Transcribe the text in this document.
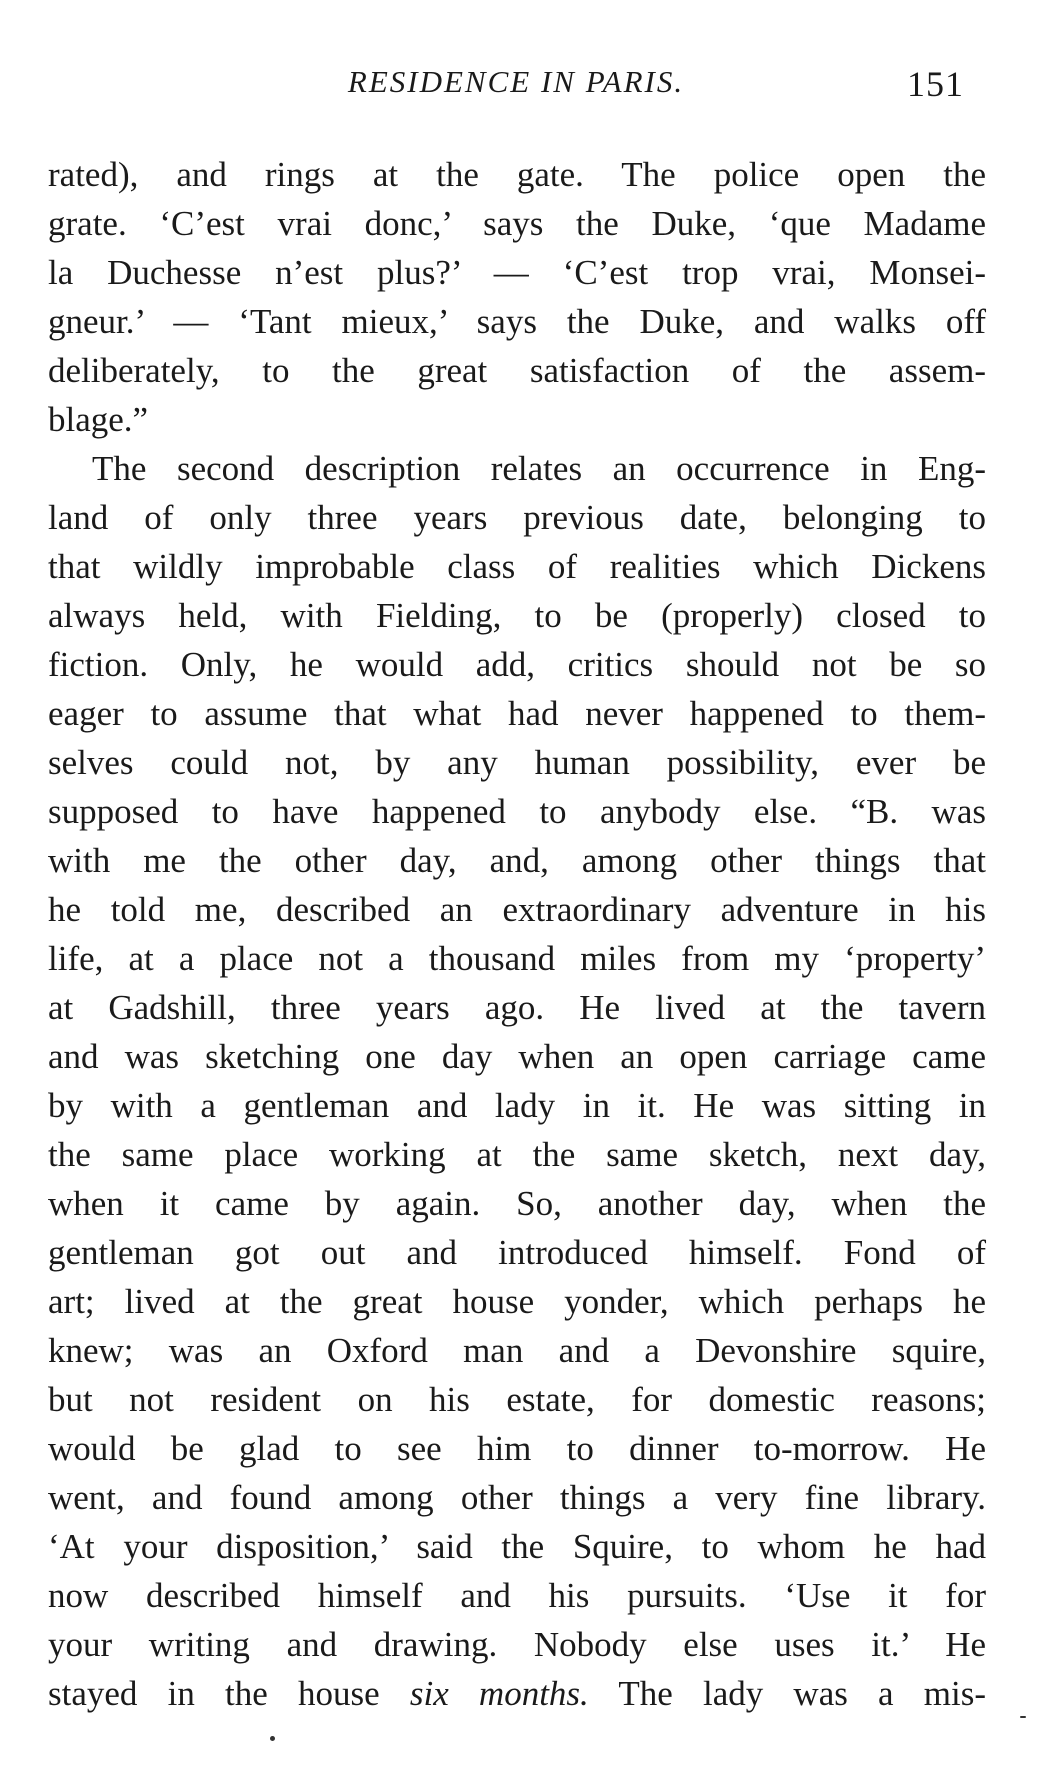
RESIDENCE IN PARIS.	151
rated), and rings at the gate. The police open the
grate. ‘C’est vrai donc,’ says the Duke, ‘que Madame
la Duchesse n’est plus?’ — ‘C’est trop vrai, Monsei-
gneur.’ — ‘Tant mieux,’ says the Duke, and walks off
deliberately, to the great satisfaction of the assem-
blage.”
The second description relates an occurrence in Eng-
land of only three years previous date, belonging to
that wildly improbable class of realities which Dickens
always held, with Fielding, to be (properly) closed to
fiction. Only, he would add, critics should not be so
eager to assume that what had never happened to them-
selves could not, by any human possibility, ever be
supposed to have happened to anybody else. “B. was
with me the other day, and, among other things that
he told me, described an extraordinary adventure in his
life, at a place not a thousand miles from my ‘property’
at Gadshill, three years ago. He lived at the tavern
and was sketching one day when an open carriage came
by with a gentleman and lady in it. He was sitting in
the same place working at the same sketch, next day,
when it came by again. So, another day, when the
gentleman got out and introduced himself. Fond of
art; lived at the great house yonder, which perhaps he
knew; was an Oxford man and a Devonshire squire,
but not resident on his estate, for domestic reasons;
would be glad to see him to dinner to-morrow. He
went, and found among other things a very fine library.
‘At your disposition,’ said the Squire, to whom he had
now described himself and his pursuits. ‘Use it for
your writing and drawing. Nobody else uses it.’ He
stayed in the house six months. The lady was a mis-
